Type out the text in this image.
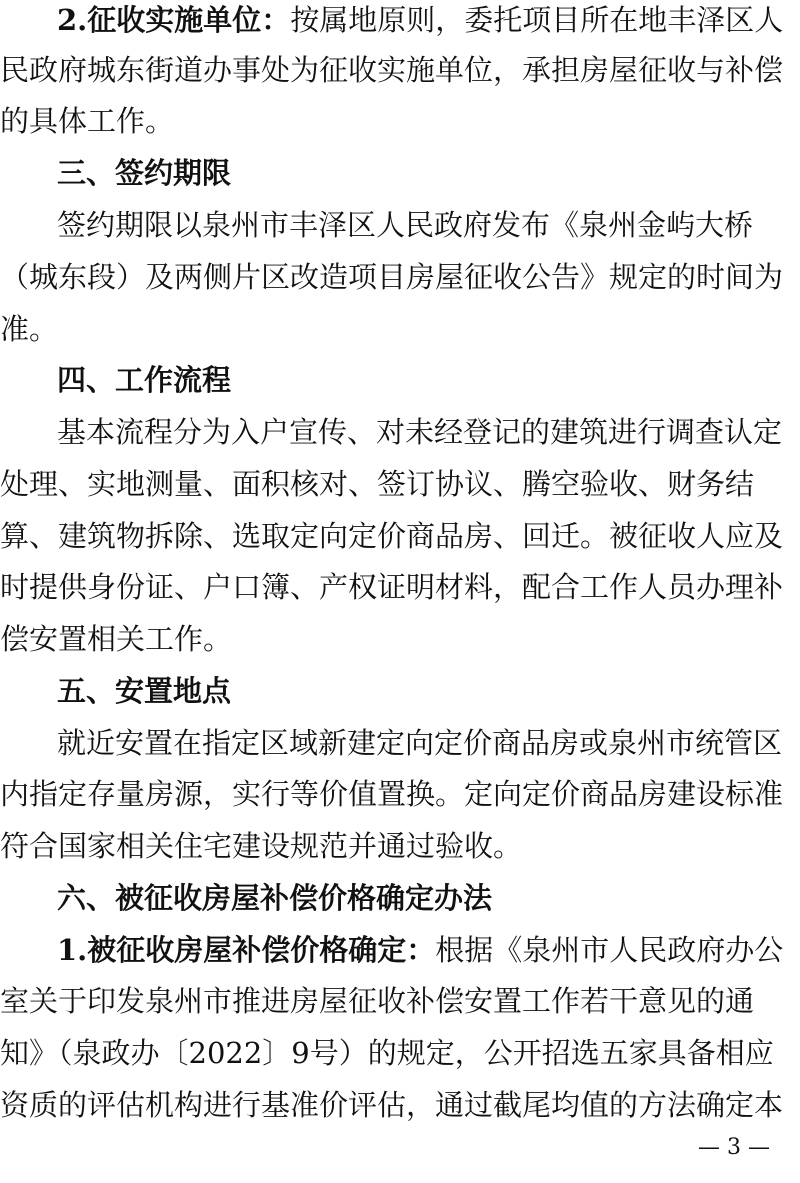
2.征收实施单位：按属地原则，委托项目所在地丰泽区人

民政府城东街道办事处为征收实施单位，承担房屋征收与补偿

的具体工作。

三、签约期限

签约期限以泉州市丰泽区人民政府发布《泉州金屿大桥

（城东段）及两侧片区改造项目房屋征收公告》规定的时间为

准。

四、工作流程

基本流程分为入户宣传、对未经登记的建筑进行调查认定

处理、实地测量、面积核对、签订协议、腾空验收、财务结

算、建筑物拆除、选取定向定价商品房、回迁。被征收人应及

时提供身份证、户口簿、产权证明材料，配合工作人员办理补

偿安置相关工作。

五、安置地点

就近安置在指定区域新建定向定价商品房或泉州市统管区

内指定存量房源，实行等价值置换。定向定价商品房建设标准

符合国家相关住宅建设规范并通过验收。

六、被征收房屋补偿价格确定办法

1.被征收房屋补偿价格确定：根据《泉州市人民政府办公

室关于印发泉州市推进房屋征收补偿安置工作若干意见的通

知》（泉政办〔2022〕9号）的规定，公开招选五家具备相应

资质的评估机构进行基准价评估，通过截尾均值的方法确定本

— 3 —
